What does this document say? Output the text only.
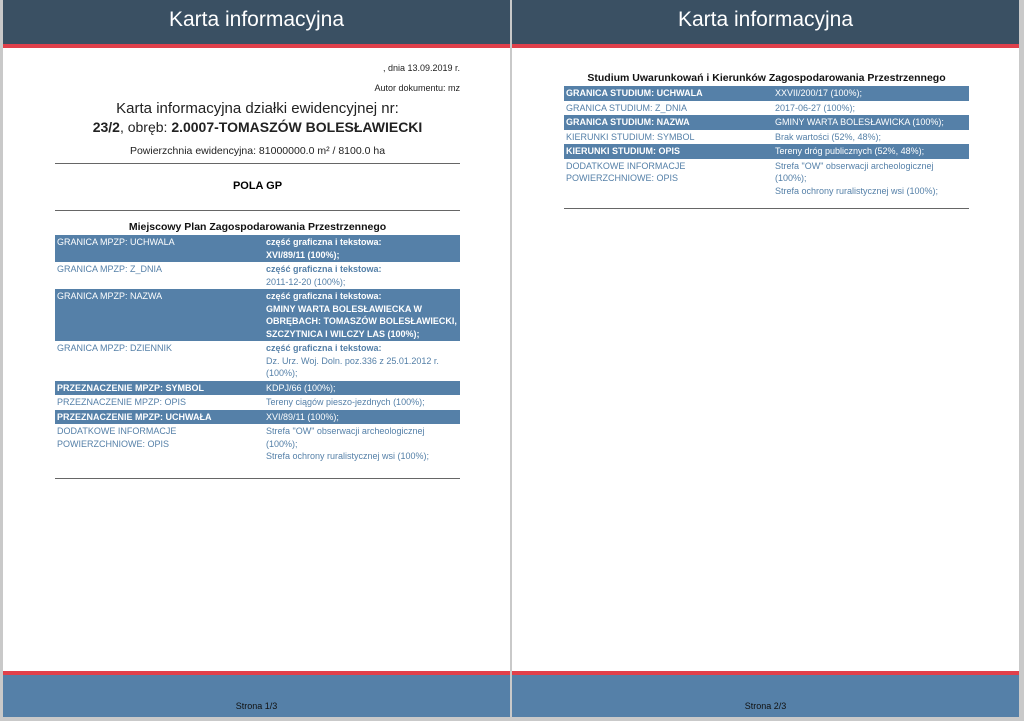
Karta informacyjna
, dnia 13.09.2019 r.
Autor dokumentu: mz
Karta informacyjna działki ewidencyjnej nr:
23/2, obręb: 2.0007-TOMASZÓW BOLESŁAWIECKI
Powierzchnia ewidencyjna: 81000000.0 m² / 8100.0 ha
POLA GP
Miejscowy Plan Zagospodarowania Przestrzennego
GRANICA MPZP: UCHWALA	część graficzna i tekstowa:
XVI/89/11 (100%);

GRANICA MPZP: Z_DNIA	część graficzna i tekstowa:
2011-12-20 (100%);

GRANICA MPZP: NAZWA	część graficzna i tekstowa:
GMINY WARTA BOLESŁAWIECKA W OBRĘBACH: TOMASZÓW BOLESŁAWIECKI, SZCZYTNICA I WILCZY LAS (100%);

GRANICA MPZP: DZIENNIK	część graficzna i tekstowa:
Dz. Urz. Woj. Doln. poz.336 z 25.01.2012 r. (100%);

PRZEZNACZENIE MPZP: SYMBOL	KDPJ/66 (100%);

PRZEZNACZENIE MPZP: OPIS	Tereny ciągów pieszo-jezdnych (100%);

PRZEZNACZENIE MPZP: UCHWAŁA	XVI/89/11 (100%);

DODATKOWE INFORMACJE POWIERZCHNIOWE: OPIS	Strefa "OW" obserwacji archeologicznej (100%);
Strefa ochrony ruralistycznej wsi (100%);
Strona 1/3
Karta informacyjna
Studium Uwarunkowań i Kierunków Zagospodarowania Przestrzennego
GRANICA STUDIUM: UCHWALA	XXVII/200/17 (100%);

GRANICA STUDIUM: Z_DNIA	2017-06-27 (100%);

GRANICA STUDIUM: NAZWA	GMINY WARTA BOLESŁAWICKA (100%);

KIERUNKI STUDIUM: SYMBOL	Brak wartości (52%, 48%);

KIERUNKI STUDIUM: OPIS	Tereny dróg publicznych (52%, 48%);

DODATKOWE INFORMACJE POWIERZCHNIOWE: OPIS	Strefa "OW" obserwacji archeologicznej (100%);
Strefa ochrony ruralistycznej wsi (100%);
Strona 2/3
